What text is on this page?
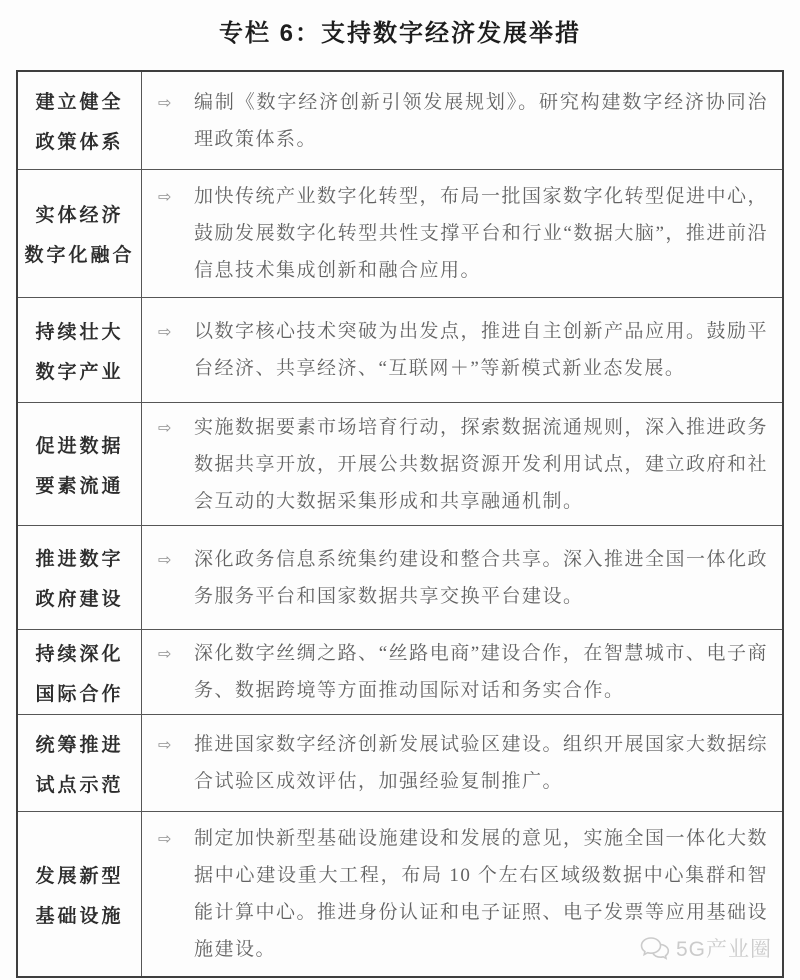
专栏 6：支持数字经济发展举措
建立健全
政策体系
⇨	编制《数字经济创新引领发展规划》。研究构建数字经济协同治理政策体系。
实体经济
数字化融合
⇨	加快传统产业数字化转型，布局一批国家数字化转型促进中心，鼓励发展数字化转型共性支撑平台和行业“数据大脑”，推进前沿信息技术集成创新和融合应用。
持续壮大
数字产业
⇨	以数字核心技术突破为出发点，推进自主创新产品应用。鼓励平台经济、共享经济、“互联网＋”等新模式新业态发展。
促进数据
要素流通
⇨	实施数据要素市场培育行动，探索数据流通规则，深入推进政务数据共享开放，开展公共数据资源开发利用试点，建立政府和社会互动的大数据采集形成和共享融通机制。
推进数字
政府建设
⇨	深化政务信息系统集约建设和整合共享。深入推进全国一体化政务服务平台和国家数据共享交换平台建设。
持续深化
国际合作
⇨	深化数字丝绸之路、“丝路电商”建设合作，在智慧城市、电子商务、数据跨境等方面推动国际对话和务实合作。
统筹推进
试点示范
⇨	推进国家数字经济创新发展试验区建设。组织开展国家大数据综合试验区成效评估，加强经验复制推广。
发展新型
基础设施
⇨	制定加快新型基础设施建设和发展的意见，实施全国一体化大数据中心建设重大工程，布局 10 个左右区域级数据中心集群和智能计算中心。推进身份认证和电子证照、电子发票等应用基础设施建设。	5G产业圈
